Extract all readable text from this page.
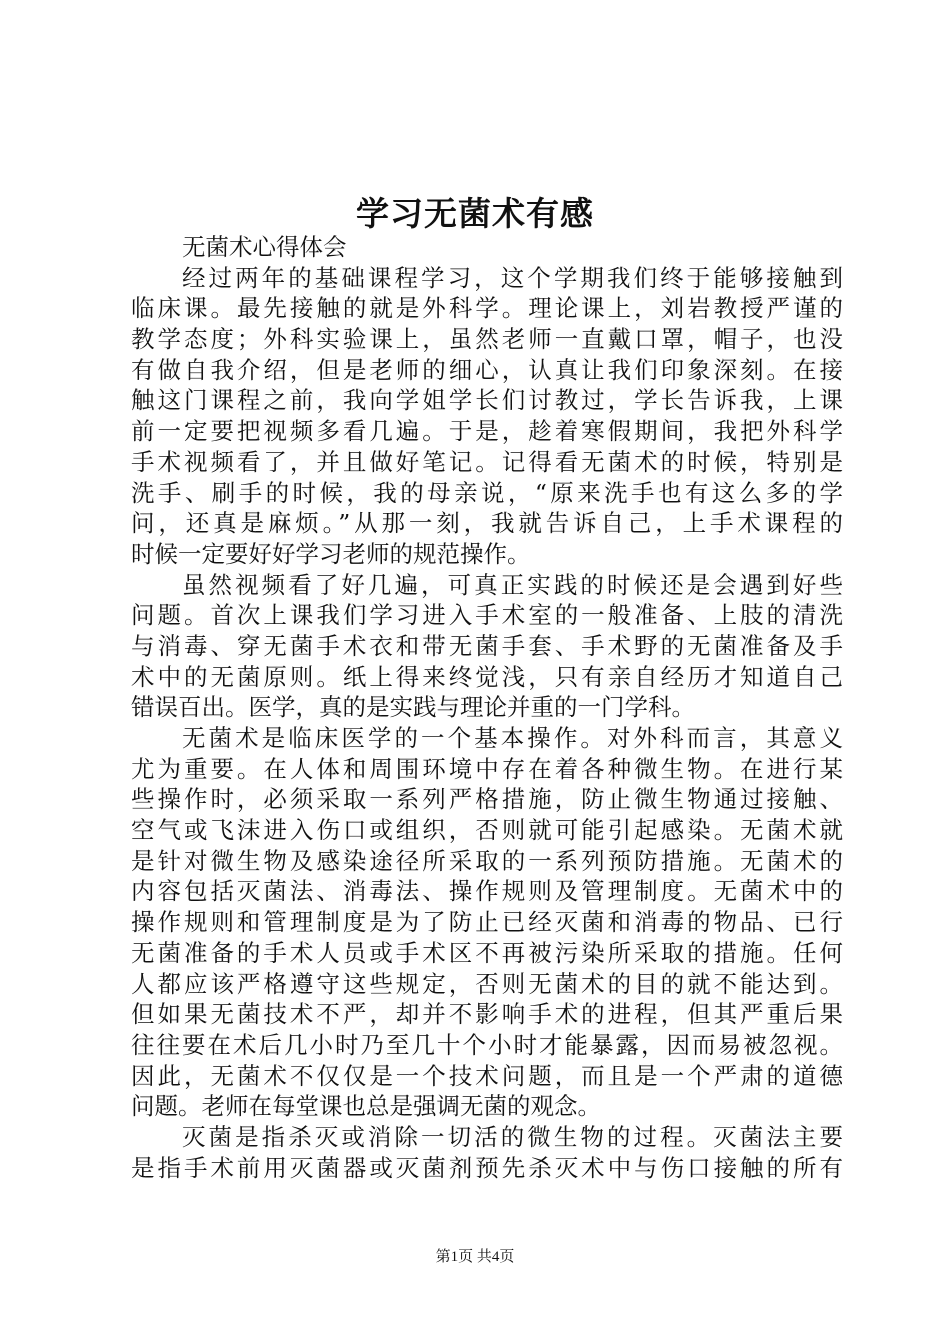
学习无菌术有感
无菌术心得体会
经过两年的基础课程学习，这个学期我们终于能够接触到
临床课。最先接触的就是外科学。理论课上，刘岩教授严谨的
教学态度；外科实验课上，虽然老师一直戴口罩，帽子，也没
有做自我介绍，但是老师的细心，认真让我们印象深刻。在接
触这门课程之前，我向学姐学长们讨教过，学长告诉我，上课
前一定要把视频多看几遍。于是，趁着寒假期间，我把外科学
手术视频看了，并且做好笔记。记得看无菌术的时候，特别是
洗手、刷手的时候，我的母亲说，“原来洗手也有这么多的学
问，还真是麻烦。”从那一刻，我就告诉自己，上手术课程的
时候一定要好好学习老师的规范操作。
虽然视频看了好几遍，可真正实践的时候还是会遇到好些
问题。首次上课我们学习进入手术室的一般准备、上肢的清洗
与消毒、穿无菌手术衣和带无菌手套、手术野的无菌准备及手
术中的无菌原则。纸上得来终觉浅，只有亲自经历才知道自己
错误百出。医学，真的是实践与理论并重的一门学科。
无菌术是临床医学的一个基本操作。对外科而言，其意义
尤为重要。在人体和周围环境中存在着各种微生物。在进行某
些操作时，必须采取一系列严格措施，防止微生物通过接触、
空气或飞沫进入伤口或组织，否则就可能引起感染。无菌术就
是针对微生物及感染途径所采取的一系列预防措施。无菌术的
内容包括灭菌法、消毒法、操作规则及管理制度。无菌术中的
操作规则和管理制度是为了防止已经灭菌和消毒的物品、已行
无菌准备的手术人员或手术区不再被污染所采取的措施。任何
人都应该严格遵守这些规定，否则无菌术的目的就不能达到。
但如果无菌技术不严，却并不影响手术的进程，但其严重后果
往往要在术后几小时乃至几十个小时才能暴露，因而易被忽视。
因此，无菌术不仅仅是一个技术问题，而且是一个严肃的道德
问题。老师在每堂课也总是强调无菌的观念。
灭菌是指杀灭或消除一切活的微生物的过程。灭菌法主要
是指手术前用灭菌器或灭菌剂预先杀灭术中与伤口接触的所有
第1页 共4页
